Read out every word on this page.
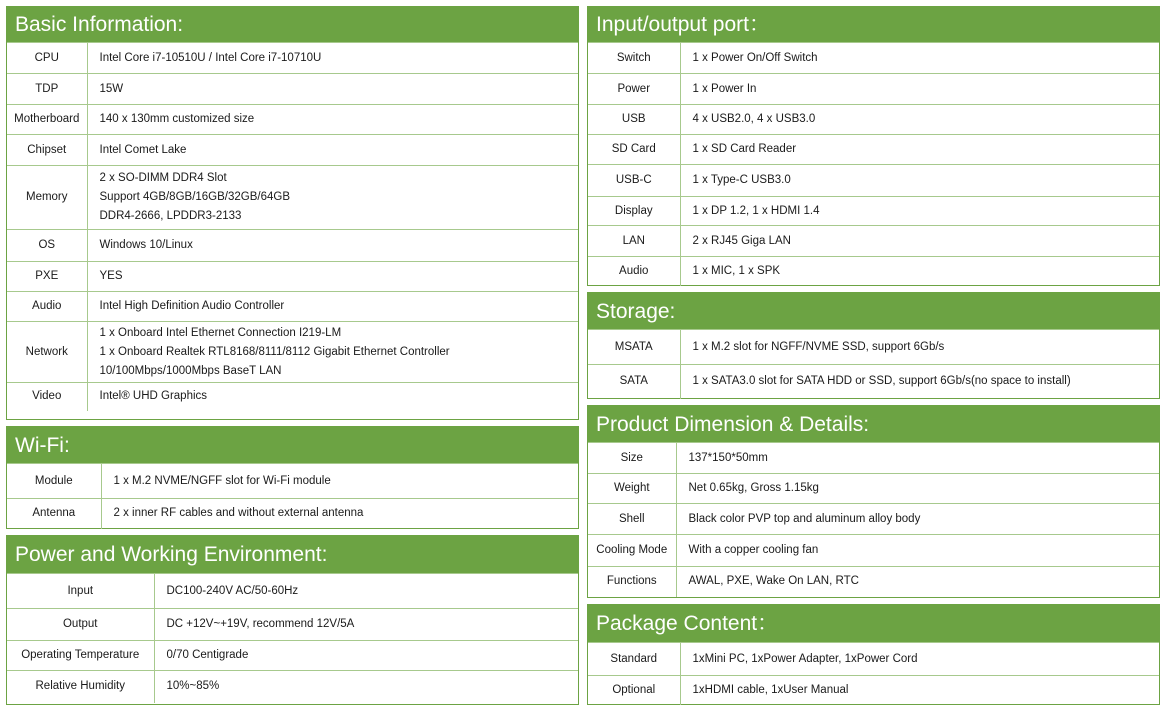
Basic Information:
CPU	Intel Core i7-10510U / Intel Core i7-10710U

TDP	15W

Motherboard	140 x 130mm customized size

Chipset	Intel Comet Lake

Memory	2 x SO-DIMM DDR4 Slot
Support 4GB/8GB/16GB/32GB/64GB
DDR4-2666, LPDDR3-2133

OS	Windows 10/Linux

PXE	YES

Audio	Intel High Definition Audio Controller

Network	1 x Onboard Intel Ethernet Connection I219-LM
1 x Onboard Realtek RTL8168/8111/8112 Gigabit Ethernet Controller
10/100Mbps/1000Mbps BaseT LAN

Video	Intel® UHD Graphics
Wi-Fi:
Module	1 x M.2 NVME/NGFF slot for Wi-Fi module

Antenna	2 x inner RF cables and without external antenna
Power and Working Environment:
Input	DC100-240V AC/50-60Hz

Output	DC +12V~+19V, recommend 12V/5A

Operating Temperature	0/70 Centigrade

Relative Humidity	10%~85%
Input/output port：
Switch	1 x Power On/Off Switch

Power	1 x Power In

USB	4 x USB2.0, 4 x USB3.0

SD Card	1 x SD Card Reader

USB-C	1 x Type-C USB3.0

Display	1 x DP 1.2, 1 x HDMI 1.4

LAN	2 x RJ45 Giga LAN

Audio	1 x MIC, 1 x SPK
Storage:
MSATA	1 x M.2 slot for NGFF/NVME SSD, support 6Gb/s

SATA	1 x SATA3.0 slot for SATA HDD or SSD, support 6Gb/s(no space to install)
Product Dimension & Details:
Size	137*150*50mm

Weight	Net 0.65kg, Gross 1.15kg

Shell	Black color PVP top and aluminum alloy body

Cooling Mode	With a copper cooling fan

Functions	AWAL, PXE, Wake On LAN, RTC
Package Content：
Standard	1xMini PC, 1xPower Adapter, 1xPower Cord

Optional	1xHDMI cable, 1xUser Manual
